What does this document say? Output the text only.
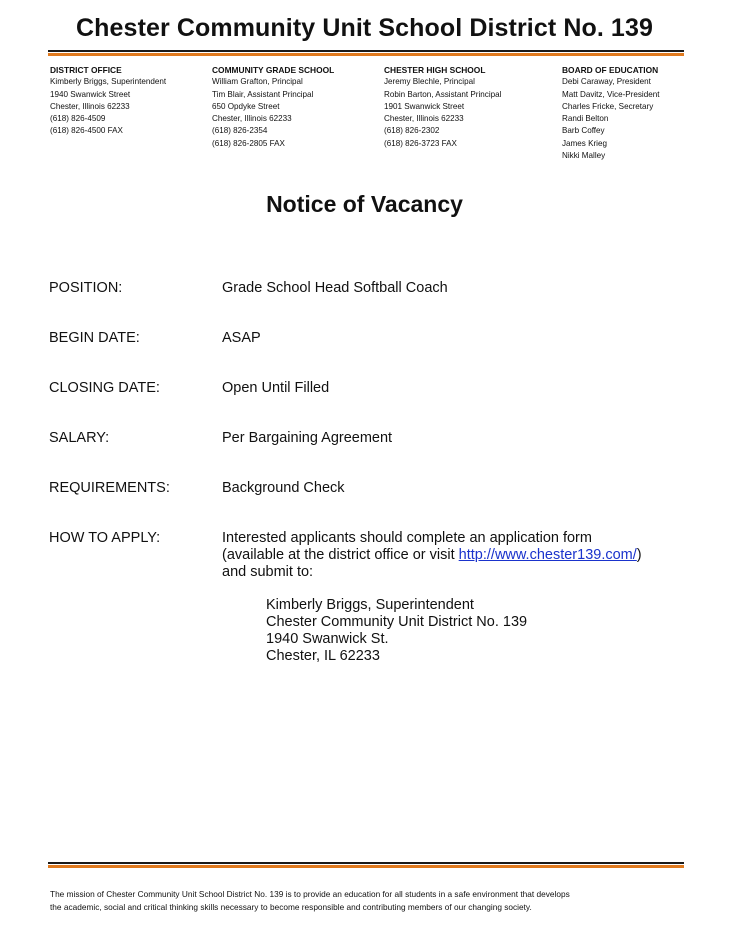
Chester Community Unit School District No. 139
DISTRICT OFFICE
Kimberly Briggs, Superintendent
1940 Swanwick Street
Chester, Illinois 62233
(618) 826-4509
(618) 826-4500 FAX
COMMUNITY GRADE SCHOOL
William Grafton, Principal
Tim Blair, Assistant Principal
650 Opdyke Street
Chester, Illinois 62233
(618) 826-2354
(618) 826-2805 FAX
CHESTER HIGH SCHOOL
Jeremy Blechle, Principal
Robin Barton, Assistant Principal
1901 Swanwick Street
Chester, Illinois 62233
(618) 826-2302
(618) 826-3723 FAX
BOARD OF EDUCATION
Debi Caraway, President
Matt Davitz, Vice-President
Charles Fricke, Secretary
Randi Belton
Barb Coffey
James Krieg
Nikki Malley
Notice of Vacancy
POSITION:	Grade School Head Softball Coach
BEGIN DATE:	ASAP
CLOSING DATE:	Open Until Filled
SALARY:	Per Bargaining Agreement
REQUIREMENTS:	Background Check
HOW TO APPLY:	Interested applicants should complete an application form
(available at the district office or visit http://www.chester139.com/)
and submit to:
Kimberly Briggs, Superintendent
Chester Community Unit District No. 139
1940 Swanwick St.
Chester, IL 62233
The mission of Chester Community Unit School District No. 139 is to provide an education for all students in a safe environment that develops
the academic, social and critical thinking skills necessary to become responsible and contributing members of our changing society.
